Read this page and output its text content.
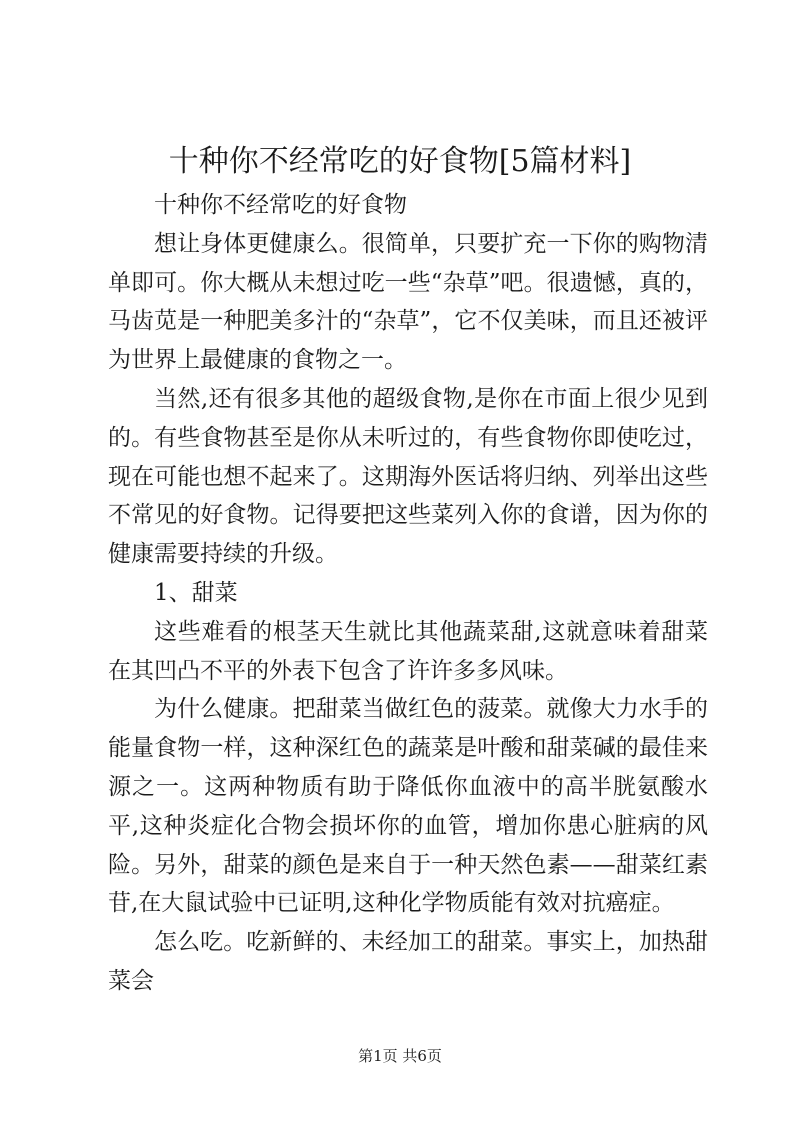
十种你不经常吃的好食物[5篇材料]

十种你不经常吃的好食物

想让身体更健康么。很简单，只要扩充一下你的购物清单即可。你大概从未想过吃一些“杂草”吧。很遗憾，真的，马齿苋是一种肥美多汁的“杂草”，它不仅美味，而且还被评为世界上最健康的食物之一。

当然,还有很多其他的超级食物,是你在市面上很少见到的。有些食物甚至是你从未听过的，有些食物你即使吃过，现在可能也想不起来了。这期海外医话将归纳、列举出这些不常见的好食物。记得要把这些菜列入你的食谱，因为你的健康需要持续的升级。

1、甜菜

这些难看的根茎天生就比其他蔬菜甜,这就意味着甜菜在其凹凸不平的外表下包含了许许多多风味。

为什么健康。把甜菜当做红色的菠菜。就像大力水手的能量食物一样，这种深红色的蔬菜是叶酸和甜菜碱的最佳来源之一。这两种物质有助于降低你血液中的高半胱氨酸水平,这种炎症化合物会损坏你的血管，增加你患心脏病的风险。另外，甜菜的颜色是来自于一种天然色素——甜菜红素苷,在大鼠试验中已证明,这种化学物质能有效对抗癌症。

怎么吃。吃新鲜的、未经加工的甜菜。事实上，加热甜菜会

第1页 共6页
